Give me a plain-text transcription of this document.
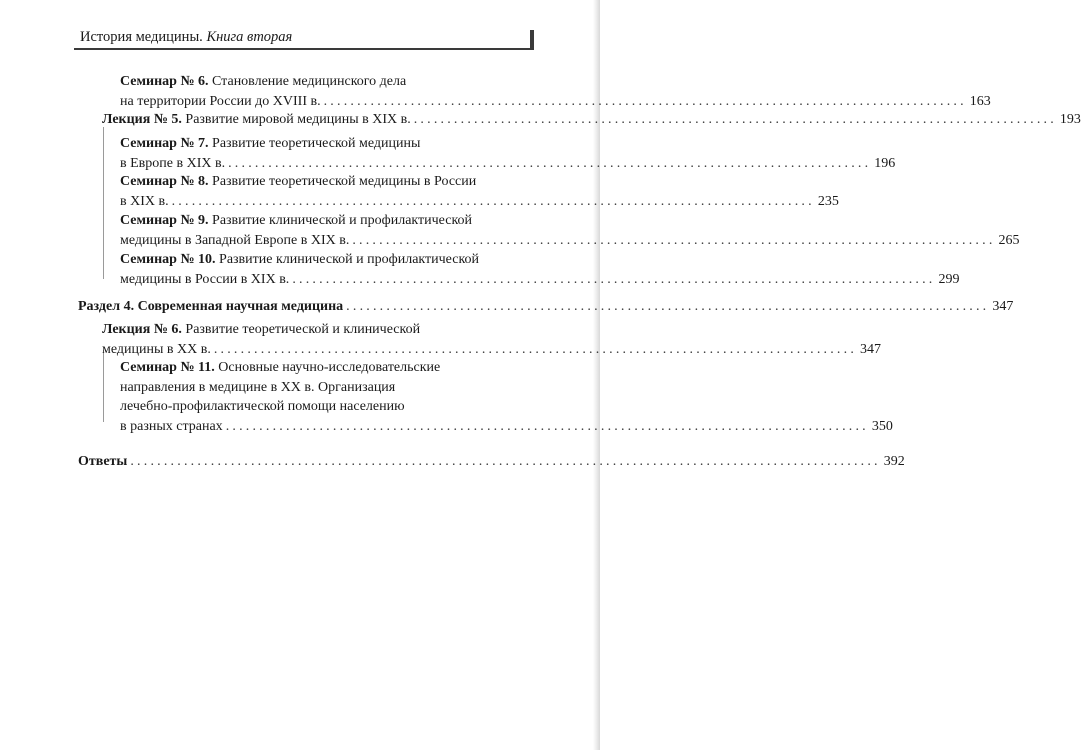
История медицины. Книга вторая
Семинар № 6. Становление медицинского дела
на территории России до XVIII в. ................................................................................................ 163
Лекция № 5. Развитие мировой медицины в XIX в. ................................................................................................ 193
Семинар № 7. Развитие теоретической медицины
в Европе в XIX в. ................................................................................................ 196
Семинар № 8. Развитие теоретической медицины в России
в XIX в. ................................................................................................ 235
Семинар № 9. Развитие клинической и профилактической
медицины в Западной Европе в XIX в. ................................................................................................ 265
Семинар № 10. Развитие клинической и профилактической
медицины в России в XIX в. ................................................................................................ 299
Раздел 4. Современная научная медицина ................................................................................................ 347
Лекция № 6. Развитие теоретической и клинической
медицины в XX в. ................................................................................................ 347
Семинар № 11. Основные научно-исследовательские
направления в медицине в XX в. Организация
лечебно-профилактической помощи населению
в разных странах ................................................................................................ 350
Ответы ................................................................................................................ 392
